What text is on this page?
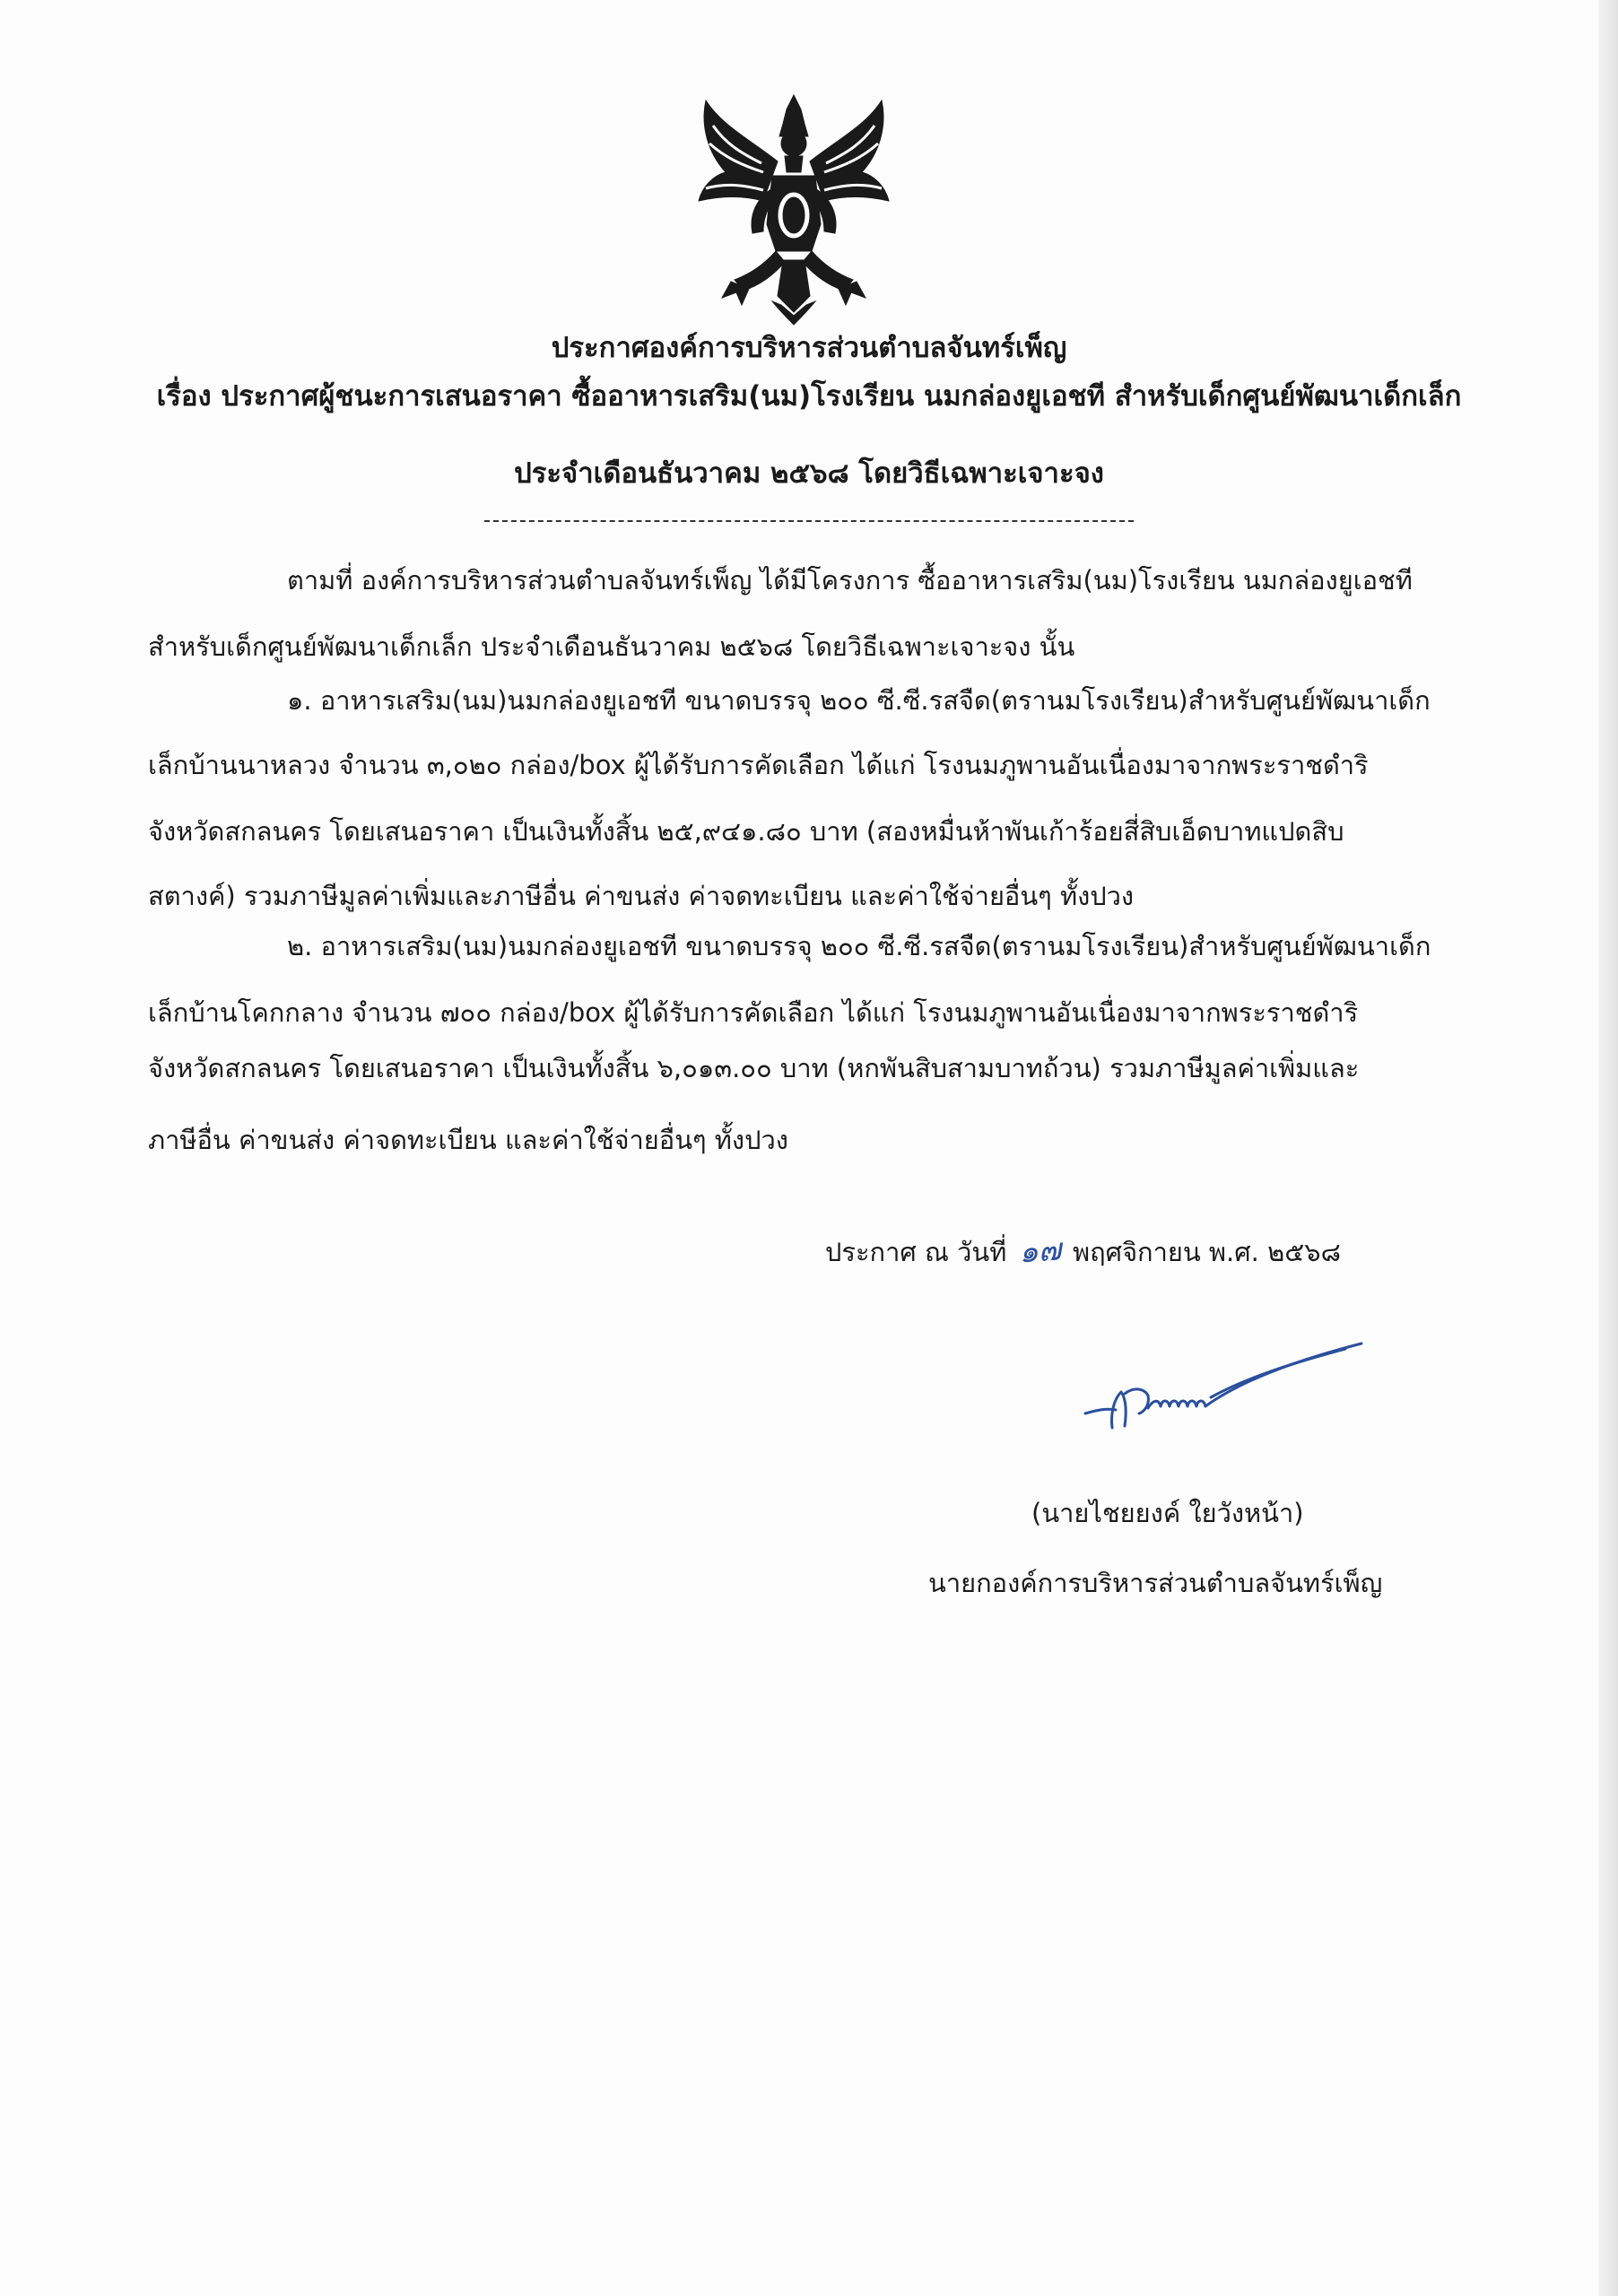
ประกาศองค์การบริหารส่วนตำบลจันทร์เพ็ญ
เรื่อง ประกาศผู้ชนะการเสนอราคา ซื้ออาหารเสริม(นม)โรงเรียน นมกล่องยูเอชที สำหรับเด็กศูนย์พัฒนาเด็กเล็ก
ประจำเดือนธันวาคม ๒๕๖๘ โดยวิธีเฉพาะเจาะจง
ตามที่ องค์การบริหารส่วนตำบลจันทร์เพ็ญ ได้มีโครงการ ซื้ออาหารเสริม(นม)โรงเรียน นมกล่องยูเอชที
สำหรับเด็กศูนย์พัฒนาเด็กเล็ก ประจำเดือนธันวาคม ๒๕๖๘ โดยวิธีเฉพาะเจาะจง นั้น
๑. อาหารเสริม(นม)นมกล่องยูเอชที ขนาดบรรจุ ๒๐๐ ซี.ซี.รสจืด(ตรานมโรงเรียน)สำหรับศูนย์พัฒนาเด็ก
เล็กบ้านนาหลวง จำนวน ๓,๐๒๐ กล่อง/box ผู้ได้รับการคัดเลือก ได้แก่ โรงนมภูพานอันเนื่องมาจากพระราชดำริ
จังหวัดสกลนคร โดยเสนอราคา เป็นเงินทั้งสิ้น ๒๕,๙๔๑.๘๐ บาท (สองหมื่นห้าพันเก้าร้อยสี่สิบเอ็ดบาทแปดสิบ
สตางค์) รวมภาษีมูลค่าเพิ่มและภาษีอื่น ค่าขนส่ง ค่าจดทะเบียน และค่าใช้จ่ายอื่นๆ ทั้งปวง
๒. อาหารเสริม(นม)นมกล่องยูเอชที ขนาดบรรจุ ๒๐๐ ซี.ซี.รสจืด(ตรานมโรงเรียน)สำหรับศูนย์พัฒนาเด็ก
เล็กบ้านโคกกลาง จำนวน ๗๐๐ กล่อง/box ผู้ได้รับการคัดเลือก ได้แก่ โรงนมภูพานอันเนื่องมาจากพระราชดำริ
จังหวัดสกลนคร โดยเสนอราคา เป็นเงินทั้งสิ้น ๖,๐๑๓.๐๐ บาท (หกพันสิบสามบาทถ้วน) รวมภาษีมูลค่าเพิ่มและ
ภาษีอื่น ค่าขนส่ง ค่าจดทะเบียน และค่าใช้จ่ายอื่นๆ ทั้งปวง
ประกาศ ณ วันที่ ๑๗ พฤศจิกายน พ.ศ. ๒๕๖๘
(นายไชยยงค์ ใยวังหน้า)
นายกองค์การบริหารส่วนตำบลจันทร์เพ็ญ
